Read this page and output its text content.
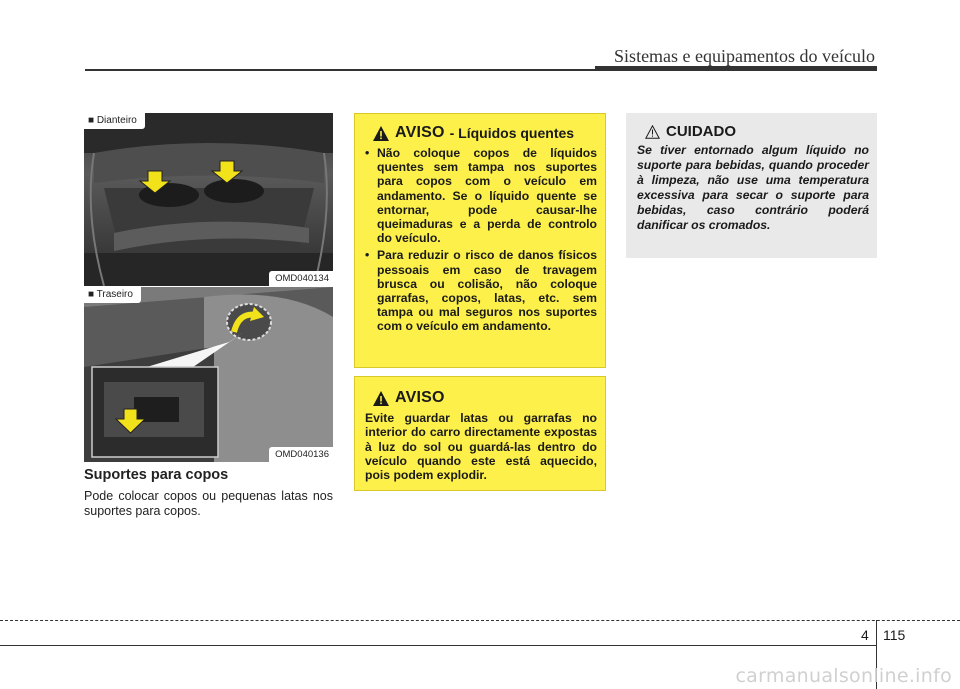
Sistemas e equipamentos do veículo
■ Dianteiro
OMD040134
■ Traseiro
OMD040136
Suportes para copos
Pode colocar copos ou pequenas latas nos suportes para copos.
AVISO - Líquidos quentes
• Não coloque copos de líquidos quentes sem tampa nos suportes para copos com o veículo em andamento. Se o líquido quente se entornar, pode causar-lhe queimaduras e a perda de controlo do veículo.
• Para reduzir o risco de danos físicos pessoais em caso de travagem brusca ou colisão, não coloque garrafas, copos, latas, etc. sem tampa ou mal seguros nos suportes com o veículo em andamento.
AVISO
Evite guardar latas ou garrafas no interior do carro directamente expostas à luz do sol ou guardá-las dentro do veículo quando este está aquecido, pois podem explodir.
CUIDADO
Se tiver entornado algum líquido no suporte para bebidas, quando proceder à limpeza, não use uma temperatura excessiva para secar o suporte para bebidas, caso contrário poderá danificar os cromados.
4 115
carmanualsonline.info
